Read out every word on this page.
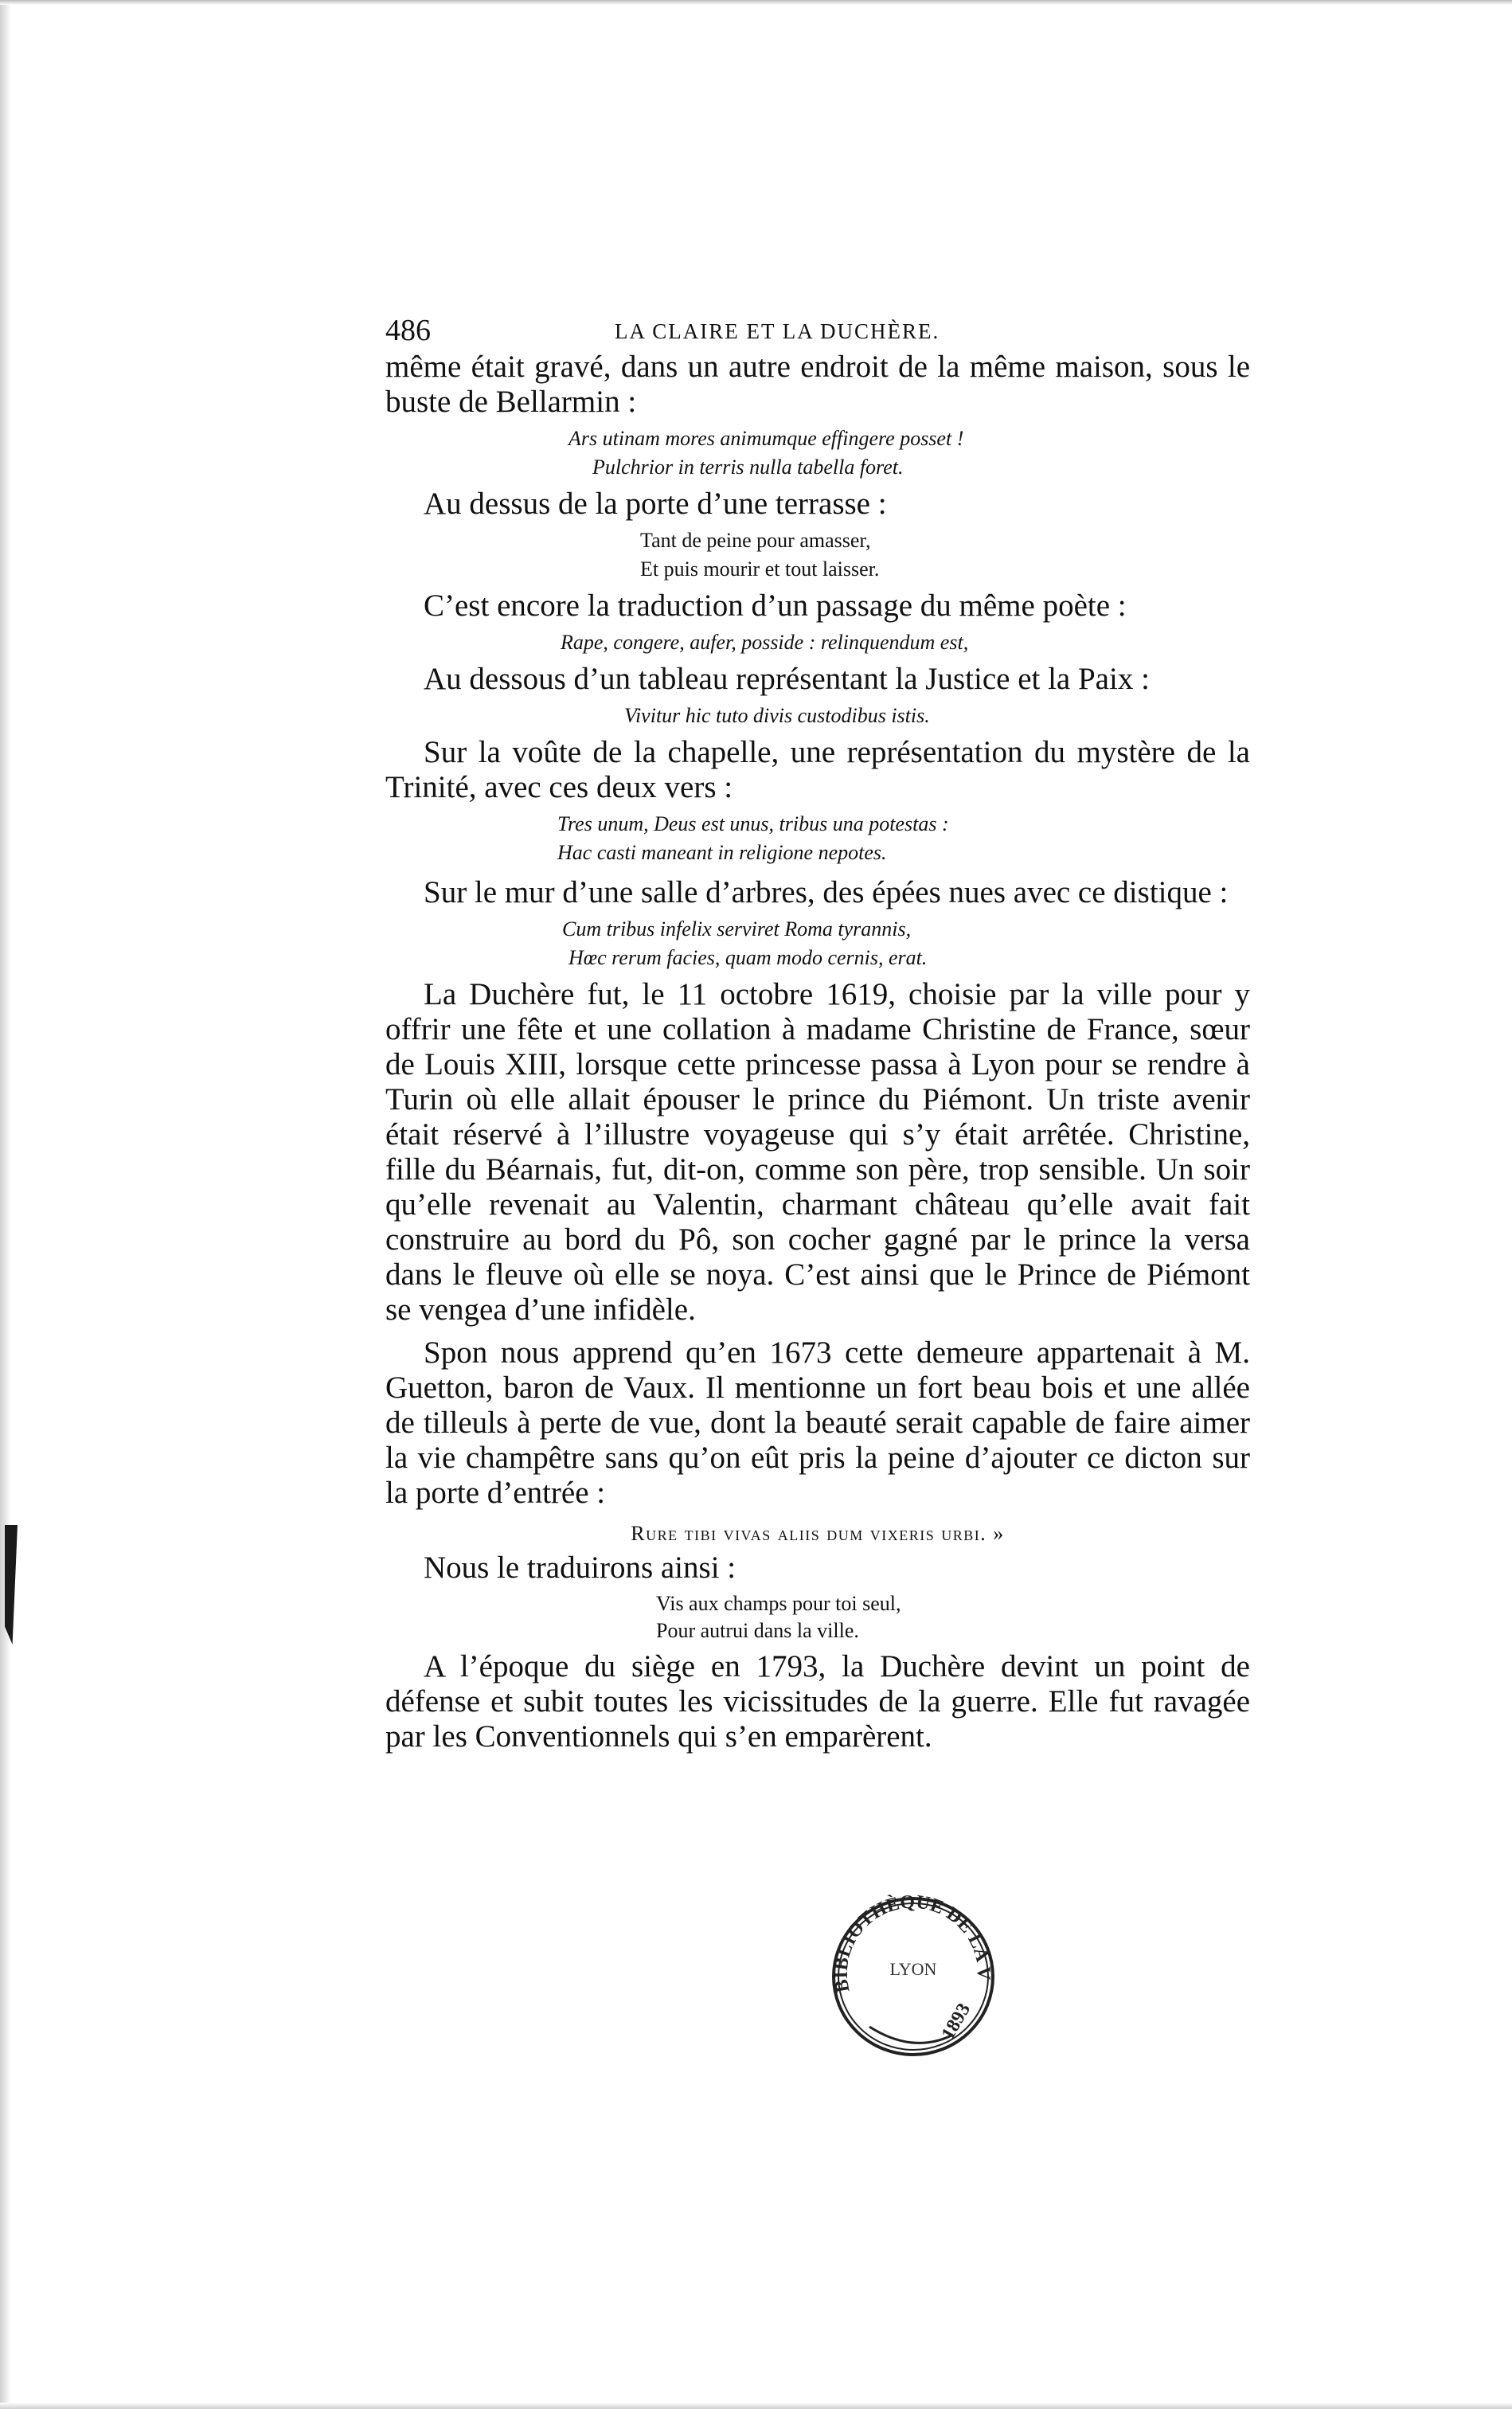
486	LA CLAIRE ET LA DUCHÈRE.

même était gravé, dans un autre endroit de la même maison, sous le buste de Bellarmin :

Ars utinam mores animumque effingere posset !
Pulchrior in terris nulla tabella foret.

Au dessus de la porte d’une terrasse :

Tant de peine pour amasser,
Et puis mourir et tout laisser.

C’est encore la traduction d’un passage du même poète :

Rape, congere, aufer, posside : relinquendum est,

Au dessous d’un tableau représentant la Justice et la Paix :

Vivitur hic tuto divis custodibus istis.

Sur la voûte de la chapelle, une représentation du mystère de la Trinité, avec ces deux vers :

Tres unum, Deus est unus, tribus una potestas :
Hac casti maneant in religione nepotes.

Sur le mur d’une salle d’arbres, des épées nues avec ce distique :

Cum tribus infelix serviret Roma tyrannis,
Hœc rerum facies, quam modo cernis, erat.

La Duchère fut, le 11 octobre 1619, choisie par la ville pour y offrir une fête et une collation à madame Christine de France, sœur de Louis XIII, lorsque cette princesse passa à Lyon pour se rendre à Turin où elle allait épouser le prince du Piémont. Un triste avenir était réservé à l’illustre voyageuse qui s’y était arrêtée. Christine, fille du Béarnais, fut, dit-on, comme son père, trop sensible. Un soir qu’elle revenait au Valentin, charmant château qu’elle avait fait construire au bord du Pô, son cocher gagné par le prince la versa dans le fleuve où elle se noya. C’est ainsi que le Prince de Piémont se vengea d’une infidèle.

Spon nous apprend qu’en 1673 cette demeure appartenait à M. Guetton, baron de Vaux. Il mentionne un fort beau bois et une allée de tilleuls à perte de vue, dont la beauté serait capable de faire aimer la vie champêtre sans qu’on eût pris la peine d’ajouter ce dicton sur la porte d’entrée :

Rure tibi vivas aliis dum vixeris urbi. »

Nous le traduirons ainsi :

Vis aux champs pour toi seul,
Pour autrui dans la ville.

A l’époque du siège en 1793, la Duchère devint un point de défense et subit toutes les vicissitudes de la guerre. Elle fut ravagée par les Conventionnels qui s’en emparèrent.

BIBLIOTHÈQUE DE LA V
LYON
1893
